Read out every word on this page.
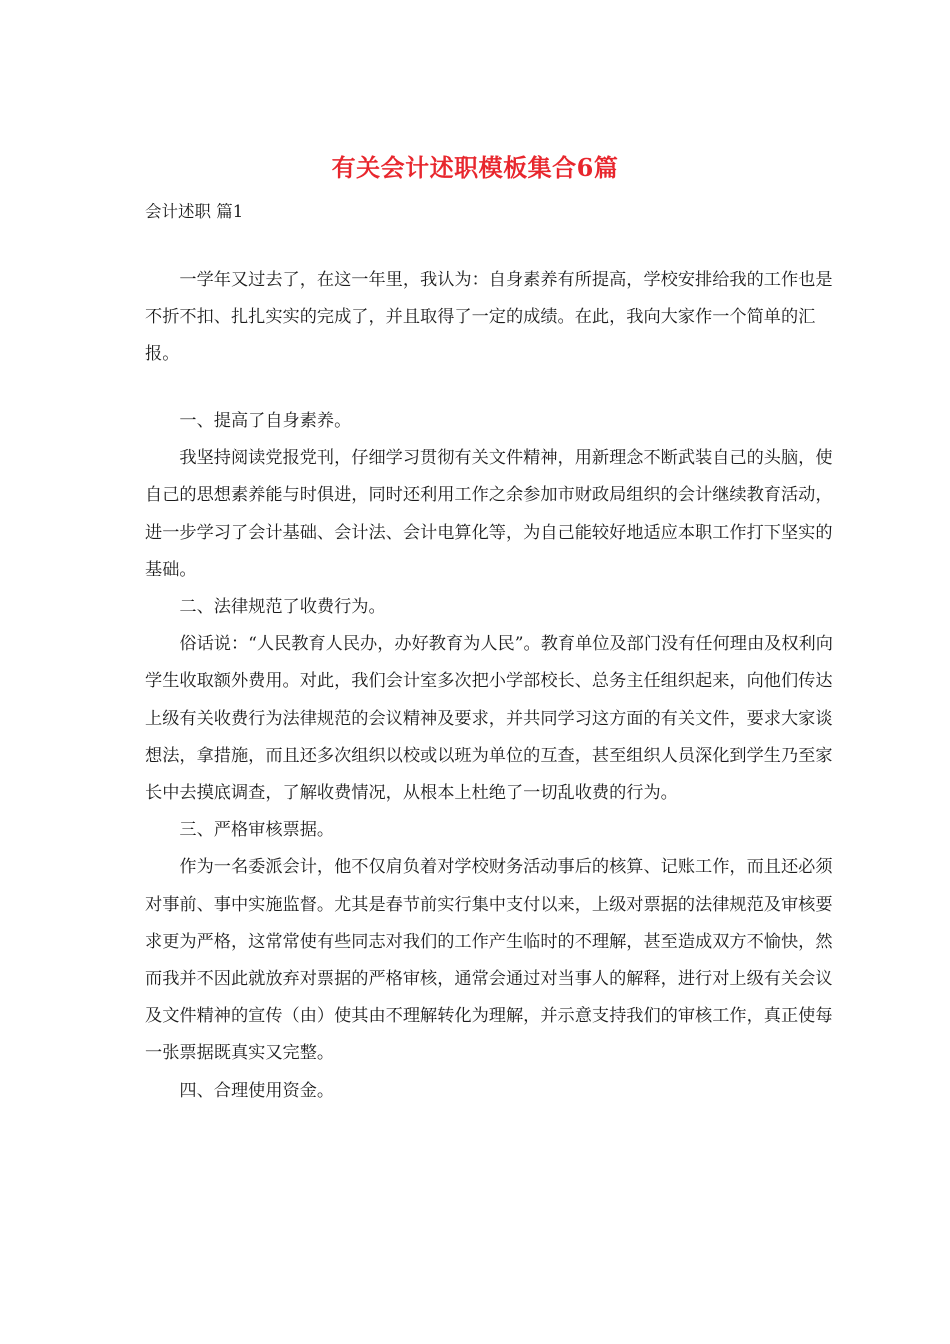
有关会计述职模板集合6篇
会计述职 篇1

一学年又过去了，在这一年里，我认为：自身素养有所提高，学校安排给我的工作也是不折不扣、扎扎实实的完成了，并且取得了一定的成绩。在此，我向大家作一个简单的汇报。

一、提高了自身素养。

我坚持阅读党报党刊，仔细学习贯彻有关文件精神，用新理念不断武装自己的头脑，使自己的思想素养能与时俱进，同时还利用工作之余参加市财政局组织的会计继续教育活动，进一步学习了会计基础、会计法、会计电算化等，为自己能较好地适应本职工作打下坚实的基础。

二、法律规范了收费行为。

俗话说：“人民教育人民办，办好教育为人民”。教育单位及部门没有任何理由及权利向学生收取额外费用。对此，我们会计室多次把小学部校长、总务主任组织起来，向他们传达上级有关收费行为法律规范的会议精神及要求，并共同学习这方面的有关文件，要求大家谈想法，拿措施，而且还多次组织以校或以班为单位的互查，甚至组织人员深化到学生乃至家长中去摸底调查，了解收费情况，从根本上杜绝了一切乱收费的行为。

三、严格审核票据。

作为一名委派会计，他不仅肩负着对学校财务活动事后的核算、记账工作，而且还必须对事前、事中实施监督。尤其是春节前实行集中支付以来，上级对票据的法律规范及审核要求更为严格，这常常使有些同志对我们的工作产生临时的不理解，甚至造成双方不愉快，然而我并不因此就放弃对票据的严格审核，通常会通过对当事人的解释，进行对上级有关会议及文件精神的宣传（由）使其由不理解转化为理解，并示意支持我们的审核工作，真正使每一张票据既真实又完整。

四、合理使用资金。
